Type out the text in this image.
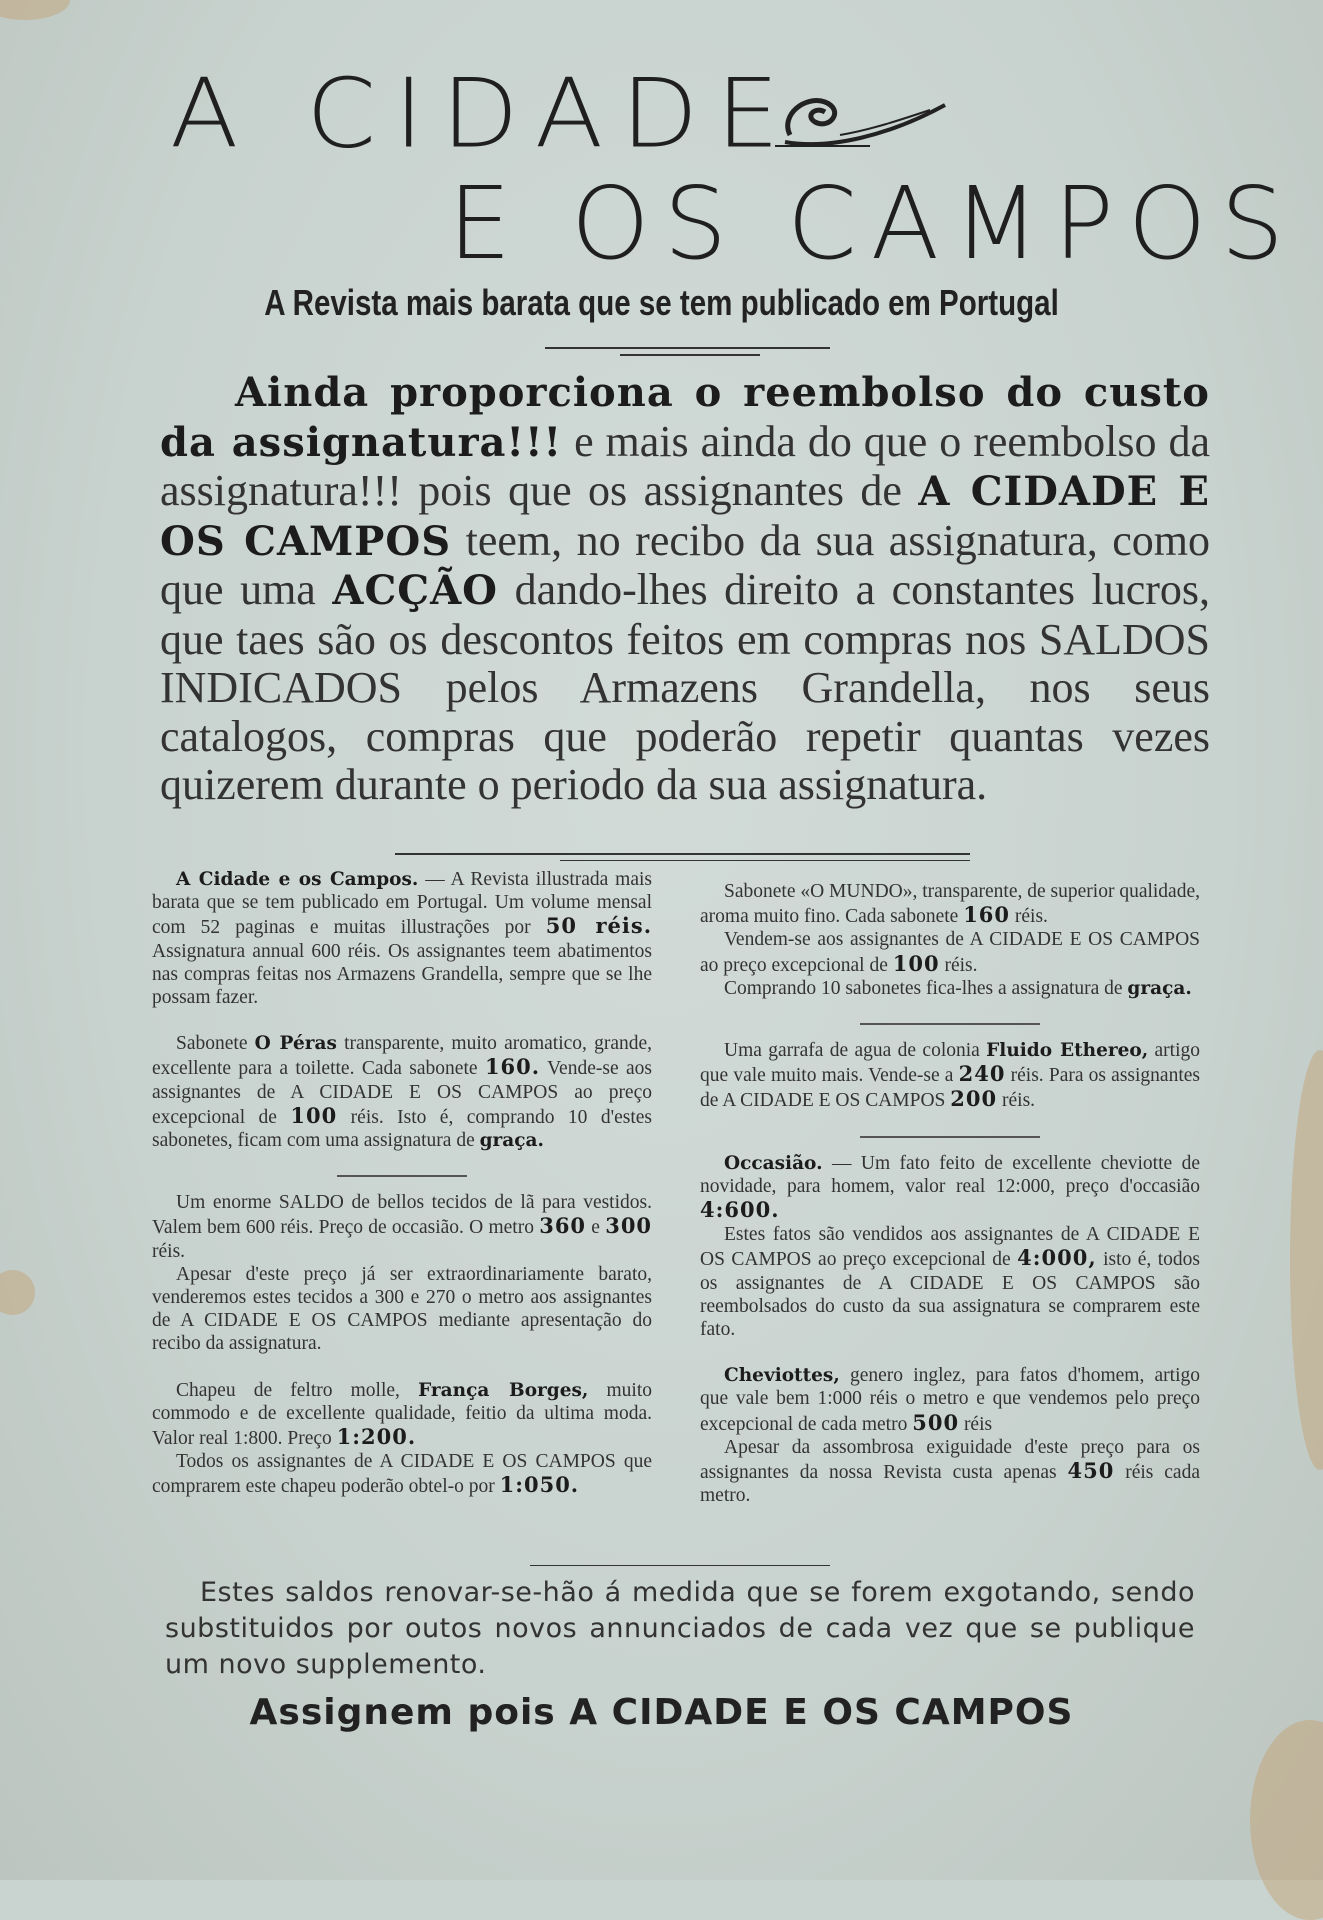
A CIDADE
E OS CAMPOS
A Revista mais barata que se tem publicado em Portugal
Ainda proporciona o reembolso do custo da assignatura!!! e mais ainda do que o reembolso da assignatura!!! pois que os assignantes de A CIDADE E OS CAMPOS teem, no recibo da sua assignatura, como que uma ACÇÃO dando-lhes direito a constantes lucros, que taes são os descontos feitos em compras nos SALDOS INDICADOS pelos Armazens Grandella, nos seus catalogos, compras que poderão repetir quantas vezes quizerem durante o periodo da sua assignatura.

A Cidade e os Campos. — A Revista illustrada mais barata que se tem publicado em Portugal. Um volume mensal com 52 paginas e muitas illustrações por 50 réis. Assignatura annual 600 réis. Os assignantes teem abatimentos nas compras feitas nos Armazens Grandella, sempre que se lhe possam fazer.

Sabonete O Péras transparente, muito aromatico, grande, excellente para a toilette. Cada sabonete 160. Vende-se aos assignantes de A CIDADE E OS CAMPOS ao preço excepcional de 100 réis. Isto é, comprando 10 d'estes sabonetes, ficam com uma assignatura de graça.

Um enorme SALDO de bellos tecidos de lã para vestidos. Valem bem 600 réis. Preço de occasião. O metro 360 e 300 réis.

Apesar d'este preço já ser extraordinariamente barato, venderemos estes tecidos a 300 e 270 o metro aos assignantes de A CIDADE E OS CAMPOS mediante apresentação do recibo da assignatura.

Chapeu de feltro molle, França Borges, muito commodo e de excellente qualidade, feitio da ultima moda. Valor real 1:800. Preço 1:200.

Todos os assignantes de A CIDADE E OS CAMPOS que comprarem este chapeu poderão obtel-o por 1:050.

Sabonete «O MUNDO», transparente, de superior qualidade, aroma muito fino. Cada sabonete 160 réis.

Vendem-se aos assignantes de A CIDADE E OS CAMPOS ao preço excepcional de 100 réis.

Comprando 10 sabonetes fica-lhes a assignatura de graça.

Uma garrafa de agua de colonia Fluido Ethereo, artigo que vale muito mais. Vende-se a 240 réis. Para os assignantes de A CIDADE E OS CAMPOS 200 réis.

Occasião. — Um fato feito de excellente cheviotte de novidade, para homem, valor real 12:000, preço d'occasião 4:600.

Estes fatos são vendidos aos assignantes de A CIDADE E OS CAMPOS ao preço excepcional de 4:000, isto é, todos os assignantes de A CIDADE E OS CAMPOS são reembolsados do custo da sua assignatura se comprarem este fato.

Cheviottes, genero inglez, para fatos d'homem, artigo que vale bem 1:000 réis o metro e que vendemos pelo preço excepcional de cada metro 500 réis

Apesar da assombrosa exiguidade d'este preço para os assignantes da nossa Revista custa apenas 450 réis cada metro.

Estes saldos renovar-se-hão á medida que se forem exgotando, sendo substituidos por outos novos annunciados de cada vez que se publique um novo supplemento.
Assignem pois A CIDADE E OS CAMPOS
